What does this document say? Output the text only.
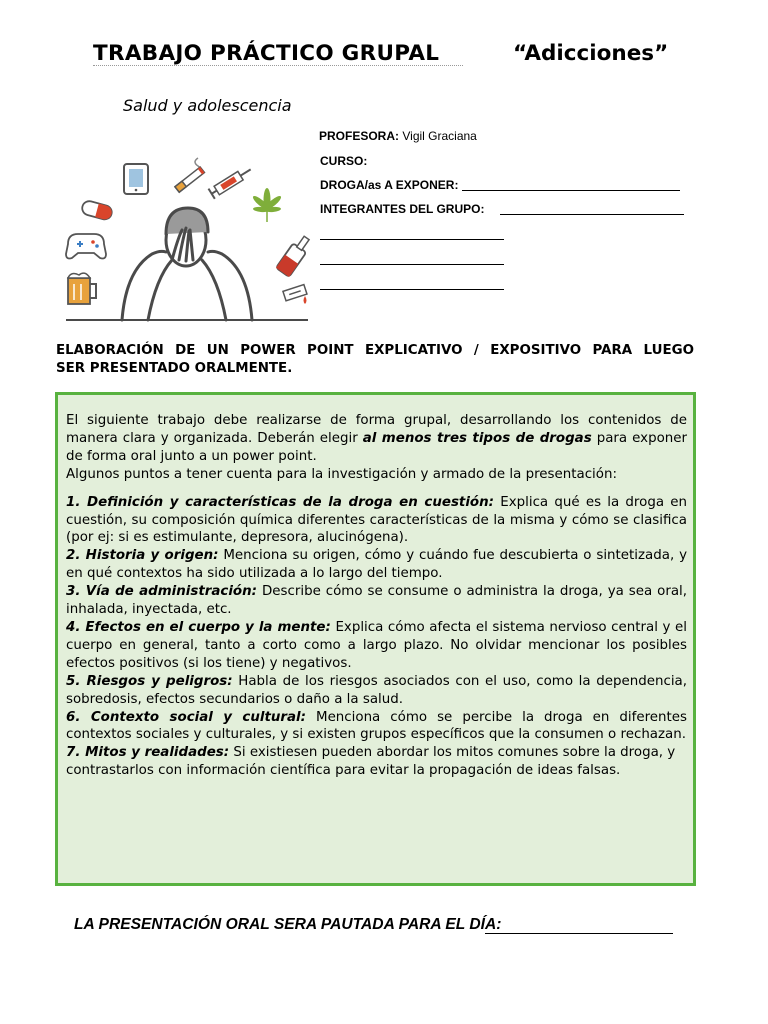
TRABAJO PRÁCTICO GRUPAL	“Adicciones”
Salud y adolescencia
PROFESORA: Vigil Graciana
CURSO:
DROGA/as A EXPONER:
INTEGRANTES DEL GRUPO:
ELABORACIÓN DE UN POWER POINT EXPLICATIVO / EXPOSITIVO PARA LUEGO
SER PRESENTADO ORALMENTE.

El siguiente trabajo debe realizarse de forma grupal, desarrollando los contenidos de manera clara y organizada. Deberán elegir al menos tres tipos de drogas para exponer de forma oral junto a un power point.

Algunos puntos a tener cuenta para la investigación y armado de la presentación:

1. Definición y características de la droga en cuestión: Explica qué es la droga en cuestión, su composición química diferentes características de la misma y cómo se clasifica (por ej: si es estimulante, depresora, alucinógena).

2. Historia y origen: Menciona su origen, cómo y cuándo fue descubierta o sintetizada, y en qué contextos ha sido utilizada a lo largo del tiempo.

3. Vía de administración: Describe cómo se consume o administra la droga, ya sea oral, inhalada, inyectada, etc.

4. Efectos en el cuerpo y la mente: Explica cómo afecta el sistema nervioso central y el cuerpo en general, tanto a corto como a largo plazo. No olvidar mencionar los posibles efectos positivos (si los tiene) y negativos.

5. Riesgos y peligros: Habla de los riesgos asociados con el uso, como la dependencia, sobredosis, efectos secundarios o daño a la salud.

6. Contexto social y cultural: Menciona cómo se percibe la droga en diferentes contextos sociales y culturales, y si existen grupos específicos que la consumen o rechazan.

7. Mitos y realidades: Si existiesen pueden abordar los mitos comunes sobre la droga, y contrastarlos con información científica para evitar la propagación de ideas falsas.

LA PRESENTACIÓN ORAL SERA PAUTADA PARA EL DÍA:
